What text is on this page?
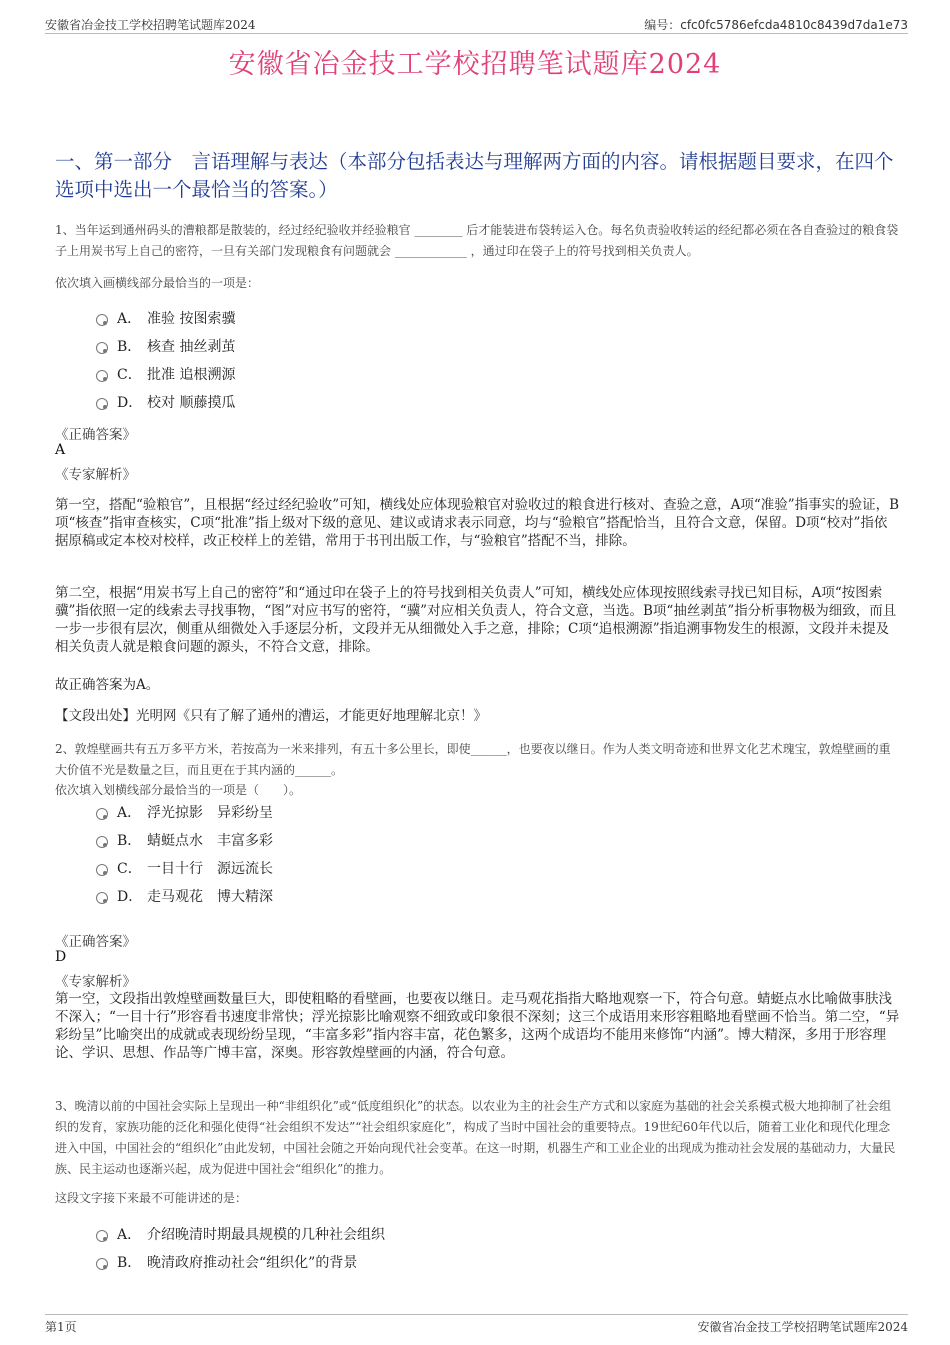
安徽省冶金技工学校招聘笔试题库2024	编号：cfc0fc5786efcda4810c8439d7da1e73
安徽省冶金技工学校招聘笔试题库2024
一、第一部分　言语理解与表达（本部分包括表达与理解两方面的内容。请根据题目要求，在四个选项中选出一个最恰当的答案。）

1、当年运到通州码头的漕粮都是散装的，经过经纪验收并经验粮官 ________ 后才能装进布袋转运入仓。每名负责验收转运的经纪都必须在各自查验过的粮食袋子上用炭书写上自己的密符，一旦有关部门发现粮食有问题就会 ____________ ，通过印在袋子上的符号找到相关负责人。

依次填入画横线部分最恰当的一项是：

A． 准验 按图索骥
B． 核查 抽丝剥茧
C． 批准 追根溯源
D． 校对 顺藤摸瓜
《正确答案》
A
《专家解析》

第一空，搭配“验粮官”，且根据“经过经纪验收”可知，横线处应体现验粮官对验收过的粮食进行核对、查验之意，A项“准验”指事实的验证，B项“核查”指审查核实，C项“批准”指上级对下级的意见、建议或请求表示同意，均与“验粮官”搭配恰当，且符合文意，保留。D项“校对”指依据原稿或定本校对校样，改正校样上的差错，常用于书刊出版工作，与“验粮官”搭配不当，排除。

第二空，根据“用炭书写上自己的密符”和“通过印在袋子上的符号找到相关负责人”可知，横线处应体现按照线索寻找已知目标，A项“按图索骥”指依照一定的线索去寻找事物，“图”对应书写的密符，“骥”对应相关负责人，符合文意，当选。B项“抽丝剥茧”指分析事物极为细致，而且一步一步很有层次，侧重从细微处入手逐层分析，文段并无从细微处入手之意，排除；C项“追根溯源”指追溯事物发生的根源，文段并未提及相关负责人就是粮食问题的源头，不符合文意，排除。

故正确答案为A。

【文段出处】光明网《只有了解了通州的漕运，才能更好地理解北京！》

2、敦煌壁画共有五万多平方米，若按高为一米来排列，有五十多公里长，即使______，也要夜以继日。作为人类文明奇迹和世界文化艺术瑰宝，敦煌壁画的重大价值不光是数量之巨，而且更在于其内涵的______。

依次填入划横线部分最恰当的一项是（　　）。

A． 浮光掠影　异彩纷呈
B． 蜻蜓点水　丰富多彩
C． 一目十行　源远流长
D． 走马观花　博大精深
《正确答案》
D
《专家解析》

第一空，文段指出敦煌壁画数量巨大，即使粗略的看壁画，也要夜以继日。走马观花指指大略地观察一下，符合句意。蜻蜓点水比喻做事肤浅不深入；“一目十行”形容看书速度非常快；浮光掠影比喻观察不细致或印象很不深刻；这三个成语用来形容粗略地看壁画不恰当。第二空，“异彩纷呈”比喻突出的成就或表现纷纷呈现，“丰富多彩”指内容丰富，花色繁多，这两个成语均不能用来修饰“内涵”。博大精深，多用于形容理论、学识、思想、作品等广博丰富，深奥。形容敦煌壁画的内涵，符合句意。

3、晚清以前的中国社会实际上呈现出一种“非组织化”或“低度组织化”的状态。以农业为主的社会生产方式和以家庭为基础的社会关系模式极大地抑制了社会组织的发育，家族功能的泛化和强化使得“社会组织不发达”“社会组织家庭化”，构成了当时中国社会的重要特点。19世纪60年代以后，随着工业化和现代化理念进入中国，中国社会的“组织化”由此发轫，中国社会随之开始向现代社会变革。在这一时期，机器生产和工业企业的出现成为推动社会发展的基础动力，大量民族、民主运动也逐渐兴起，成为促进中国社会“组织化”的推力。

这段文字接下来最不可能讲述的是：

A． 介绍晚清时期最具规模的几种社会组织
B． 晚清政府推动社会“组织化”的背景
第1页	安徽省冶金技工学校招聘笔试题库2024
